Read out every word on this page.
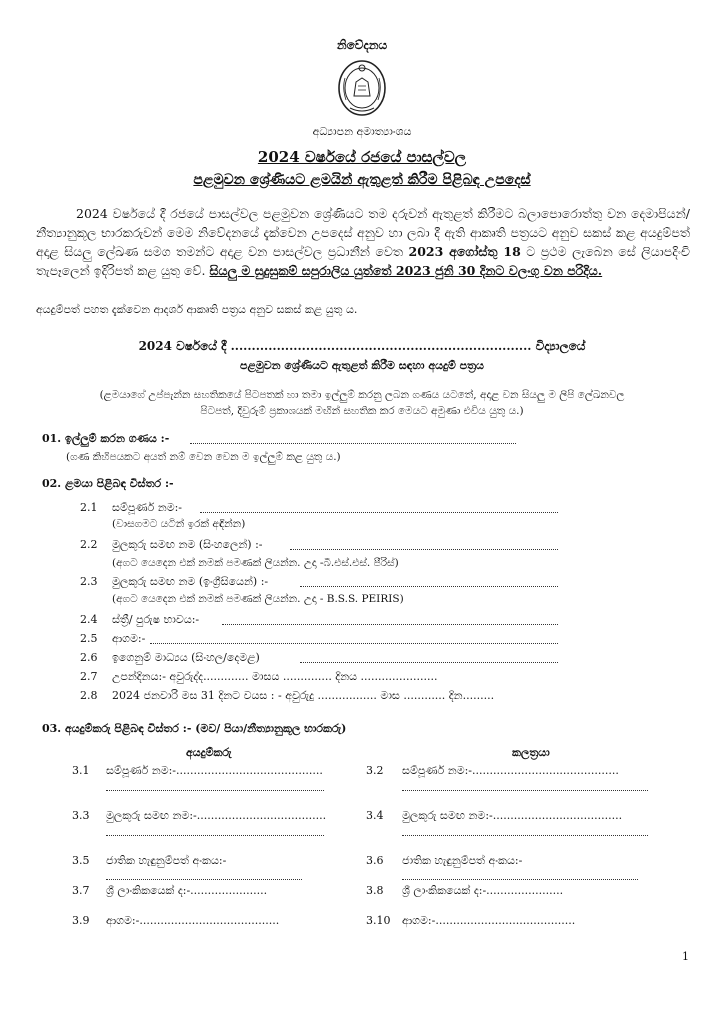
නිවේදනය
අධ්‍යාපන අමාත්‍යාංශය
2024 වර්ෂයේ රජයේ පාසල්වල
පළමුවන ශ්‍රේණියට ළමයින් ඇතුළත් කිරීම පිළිබඳ උපදෙස්
2024 වර්ෂයේ දී රජයේ පාසල්වල පළමුවන ශ්‍රේණියට තම දරුවන් ඇතුළත් කිරීමට බලාපොරොත්තු වන දෙමාපියන්/නීත්‍යානුකූල භාරකරුවන් මෙම නිවේදනයේ දැක්වෙන උපදෙස් අනුව හා ලබා දී ඇති ආකෘති පත්‍රයට අනුව සකස් කළ අයදුම්පත් අදාළ සියලු ලේඛණ සමග තමන්ට අදාළ වන පාසල්වල ප්‍රධානීන් වෙත 2023 අගෝස්තු 18 ට ප්‍රථම ලැබෙන සේ ලියාපදිංචි තැපෑලෙන් ඉදිරිපත් කළ යුතු වේ. සියලු ම සුදුසුකම් සපුරාලිය යුත්තේ 2023 ජුනි 30 දිනට වලංගු වන පරිදිය.
අයදුම්පත් පහත දැක්වෙන ආදර්ශ ආකෘති පත්‍රය අනුව සකස් කළ යුතු ය.
2024 වර්ෂයේ දී ........................................................................ විද්‍යාලයේ
පළමුවන ශ්‍රේණියට ඇතුළත් කිරීම සඳහා අයදුම් පත්‍රය
(ළමයාගේ උප්පැන්න සහතිකයේ පිටපතක් හා තමා ඉල්ලුම් කරනු ලබන ගණය යටතේ, අදාළ වන සියලු ම ලිපි ලේඛනවල
පිටපත්, දිවුරුම් ප්‍රකාශයක් මඟින් සහතික කර මෙයට අමුණා එවිය යුතු ය.)
01. ඉල්ලුම් කරන ගණය :-
(ගණ කිහිපයකට අයත් නම් වෙන වෙන ම ඉල්ලුම් කළ යුතු ය.)
02. ළමයා පිළිබඳ විස්තර :-
2.1 සම්පූර්ණ නම:-
(වාසගමට යටින් ඉරක් අඳින්න)
2.2 මුලකුරු සමඟ නම (සිංහලෙන්) :-
(අගට යෙදෙන එක් නමක් පමණක් ලියන්න. උදා -බී.එස්.එස්. පීරිස්)
2.3 මුලකුරු සමඟ නම (ඉංග්‍රීසියෙන්) :-
(අගට යෙදෙන එක් නමක් පමණක් ලියන්න. උදා - B.S.S. PEIRIS)
2.4 ස්ත්‍රී/ පුරුෂ භාවය:-
2.5 ආගම:-
2.6 ඉගෙනුම් මාධ්‍යය (සිංහල/දෙමළ)
2.7 උපන්දිනය:- අවුරුද්ද............. මාසය .............. දිනය ......................
2.8 2024 ජනවාරි මස 31 දිනට වයස : - අවුරුදු ................. මාස ............ දින.........
03. අයදුම්කරු පිළිබඳ විස්තර :- (මව/ පියා/නීත්‍යානුකූල භාරකරු)
අයදුම්කරු	කලත්‍රයා
3.1 සම්පූර්ණ නම:-..........................................	3.2 සම්පූර්ණ නම:-..........................................
3.3 මුලකුරු සමඟ නම:-.....................................	3.4 මුලකුරු සමඟ නම:-.....................................
3.5 ජාතික හැඳුනුම්පත් අංකය:-	3.6 ජාතික හැඳුනුම්පත් අංකය:-
3.7 ශ්‍රී ලාංකිකයෙක් ද:-......................	3.8 ශ්‍රී ලාංකිකයෙක් ද:-......................
3.9 ආගම:-........................................	3.10 ආගම:-........................................
1
